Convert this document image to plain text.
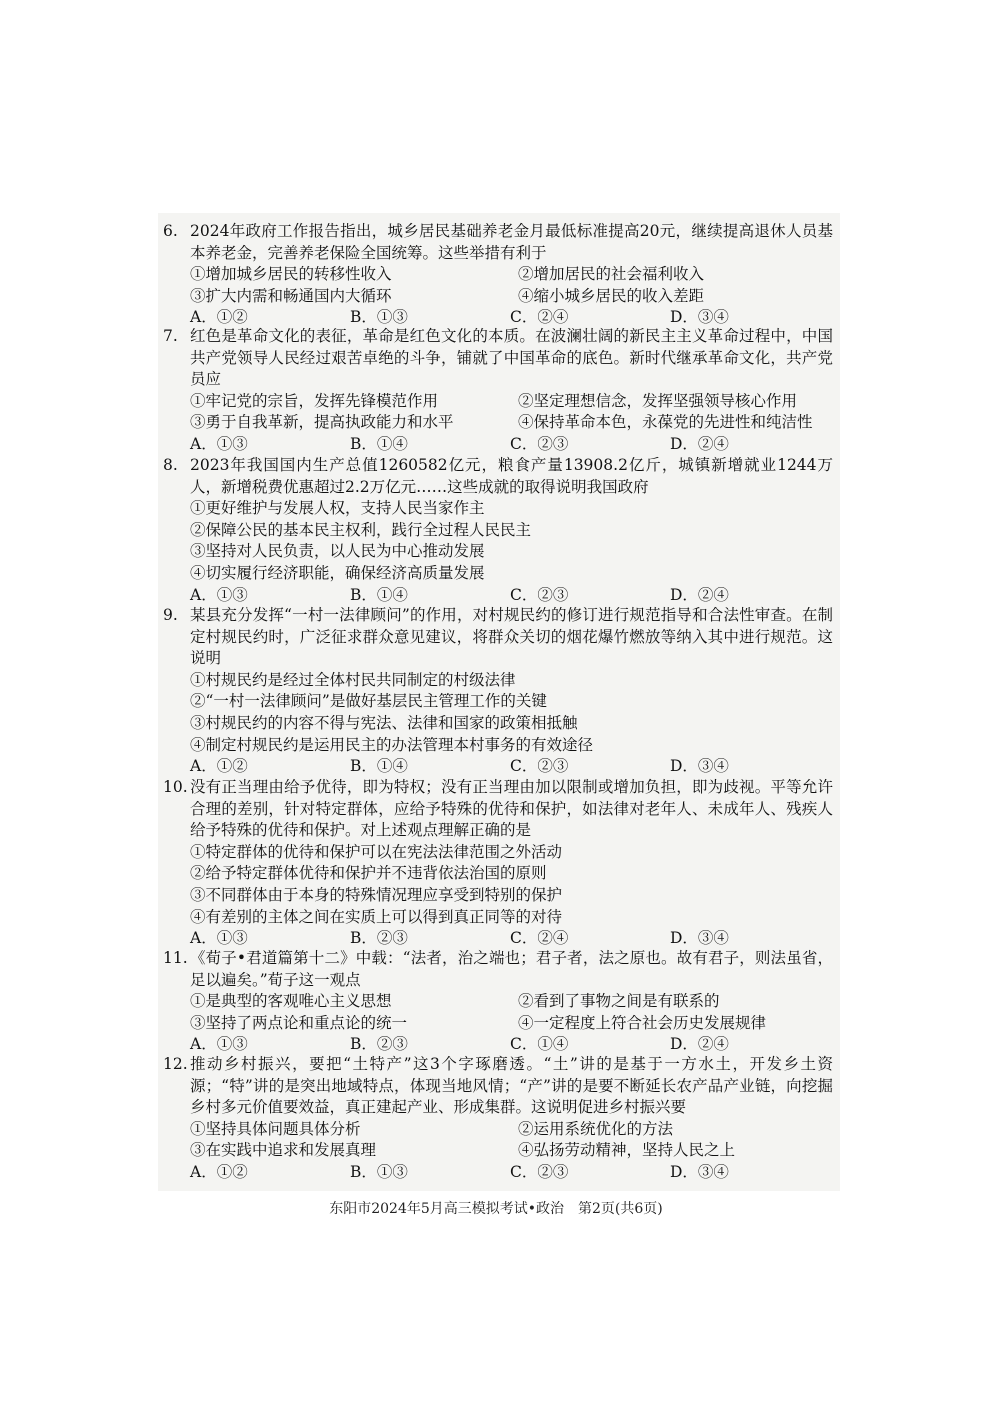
6. 2024年政府工作报告指出，城乡居民基础养老金月最低标准提高20元，继续提高退休人员基本养老金，完善养老保险全国统筹。这些举措有利于
①增加城乡居民的转移性收入	②增加居民的社会福利收入
③扩大内需和畅通国内大循环	④缩小城乡居民的收入差距
A．①②	B．①③	C．②④	D．③④
7. 红色是革命文化的表征，革命是红色文化的本质。在波澜壮阔的新民主主义革命过程中，中国共产党领导人民经过艰苦卓绝的斗争，铺就了中国革命的底色。新时代继承革命文化，共产党员应
①牢记党的宗旨，发挥先锋模范作用	②坚定理想信念，发挥坚强领导核心作用
③勇于自我革新，提高执政能力和水平	④保持革命本色，永葆党的先进性和纯洁性
A．①③	B．①④	C．②③	D．②④
8. 2023年我国国内生产总值1260582亿元，粮食产量13908.2亿斤，城镇新增就业1244万人，新增税费优惠超过2.2万亿元……这些成就的取得说明我国政府
①更好维护与发展人权，支持人民当家作主
②保障公民的基本民主权利，践行全过程人民民主
③坚持对人民负责，以人民为中心推动发展
④切实履行经济职能，确保经济高质量发展
A．①③	B．①④	C．②③	D．②④
9. 某县充分发挥“一村一法律顾问”的作用，对村规民约的修订进行规范指导和合法性审查。在制定村规民约时，广泛征求群众意见建议，将群众关切的烟花爆竹燃放等纳入其中进行规范。这说明
①村规民约是经过全体村民共同制定的村级法律
②“一村一法律顾问”是做好基层民主管理工作的关键
③村规民约的内容不得与宪法、法律和国家的政策相抵触
④制定村规民约是运用民主的办法管理本村事务的有效途径
A．①②	B．①④	C．②③	D．③④
10. 没有正当理由给予优待，即为特权；没有正当理由加以限制或增加负担，即为歧视。平等允许合理的差别，针对特定群体，应给予特殊的优待和保护，如法律对老年人、未成年人、残疾人给予特殊的优待和保护。对上述观点理解正确的是
①特定群体的优待和保护可以在宪法法律范围之外活动
②给予特定群体优待和保护并不违背依法治国的原则
③不同群体由于本身的特殊情况理应享受到特别的保护
④有差别的主体之间在实质上可以得到真正同等的对待
A．①③	B．②③	C．②④	D．③④
11. 《荀子•君道篇第十二》中载：“法者，治之端也；君子者，法之原也。故有君子，则法虽省，足以遍矣。”荀子这一观点
①是典型的客观唯心主义思想	②看到了事物之间是有联系的
③坚持了两点论和重点论的统一	④一定程度上符合社会历史发展规律
A．①③	B．②③	C．①④	D．②④
12. 推动乡村振兴，要把“土特产”这3个字琢磨透。“土”讲的是基于一方水土，开发乡土资源；“特”讲的是突出地域特点，体现当地风情；“产”讲的是要不断延长农产品产业链，向挖掘乡村多元价值要效益，真正建起产业、形成集群。这说明促进乡村振兴要
①坚持具体问题具体分析	②运用系统优化的方法
③在实践中追求和发展真理	④弘扬劳动精神，坚持人民之上
A．①②	B．①③	C．②③	D．③④
东阳市2024年5月高三模拟考试•政治　第2页(共6页)
